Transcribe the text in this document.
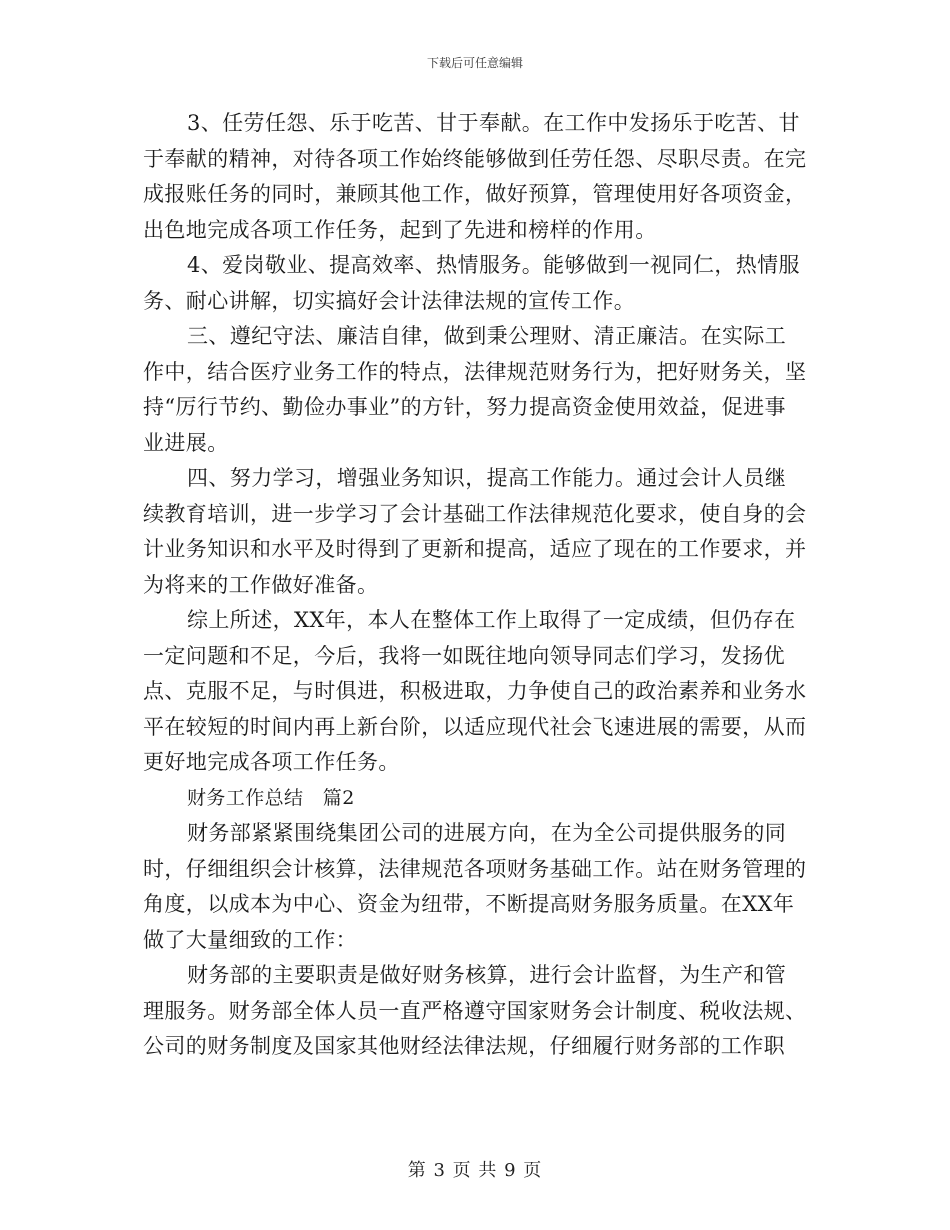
下载后可任意编辑

3、任劳任怨、乐于吃苦、甘于奉献。在工作中发扬乐于吃苦、甘于奉献的精神，对待各项工作始终能够做到任劳任怨、尽职尽责。在完成报账任务的同时，兼顾其他工作，做好预算，管理使用好各项资金，出色地完成各项工作任务，起到了先进和榜样的作用。

4、爱岗敬业、提高效率、热情服务。能够做到一视同仁，热情服务、耐心讲解，切实搞好会计法律法规的宣传工作。

三、遵纪守法、廉洁自律，做到秉公理财、清正廉洁。在实际工作中，结合医疗业务工作的特点，法律规范财务行为，把好财务关，坚持“厉行节约、勤俭办事业”的方针，努力提高资金使用效益，促进事业进展。

四、努力学习，增强业务知识，提高工作能力。通过会计人员继续教育培训，进一步学习了会计基础工作法律规范化要求，使自身的会计业务知识和水平及时得到了更新和提高，适应了现在的工作要求，并为将来的工作做好准备。

综上所述，XX年，本人在整体工作上取得了一定成绩，但仍存在一定问题和不足，今后，我将一如既往地向领导同志们学习，发扬优点、克服不足，与时俱进，积极进取，力争使自己的政治素养和业务水平在较短的时间内再上新台阶，以适应现代社会飞速进展的需要，从而更好地完成各项工作任务。

财务工作总结　篇2

财务部紧紧围绕集团公司的进展方向，在为全公司提供服务的同时，仔细组织会计核算，法律规范各项财务基础工作。站在财务管理的角度，以成本为中心、资金为纽带，不断提高财务服务质量。在XX年做了大量细致的工作：

财务部的主要职责是做好财务核算，进行会计监督，为生产和管理服务。财务部全体人员一直严格遵守国家财务会计制度、税收法规、公司的财务制度及国家其他财经法律法规，仔细履行财务部的工作职

第 3 页 共 9 页
